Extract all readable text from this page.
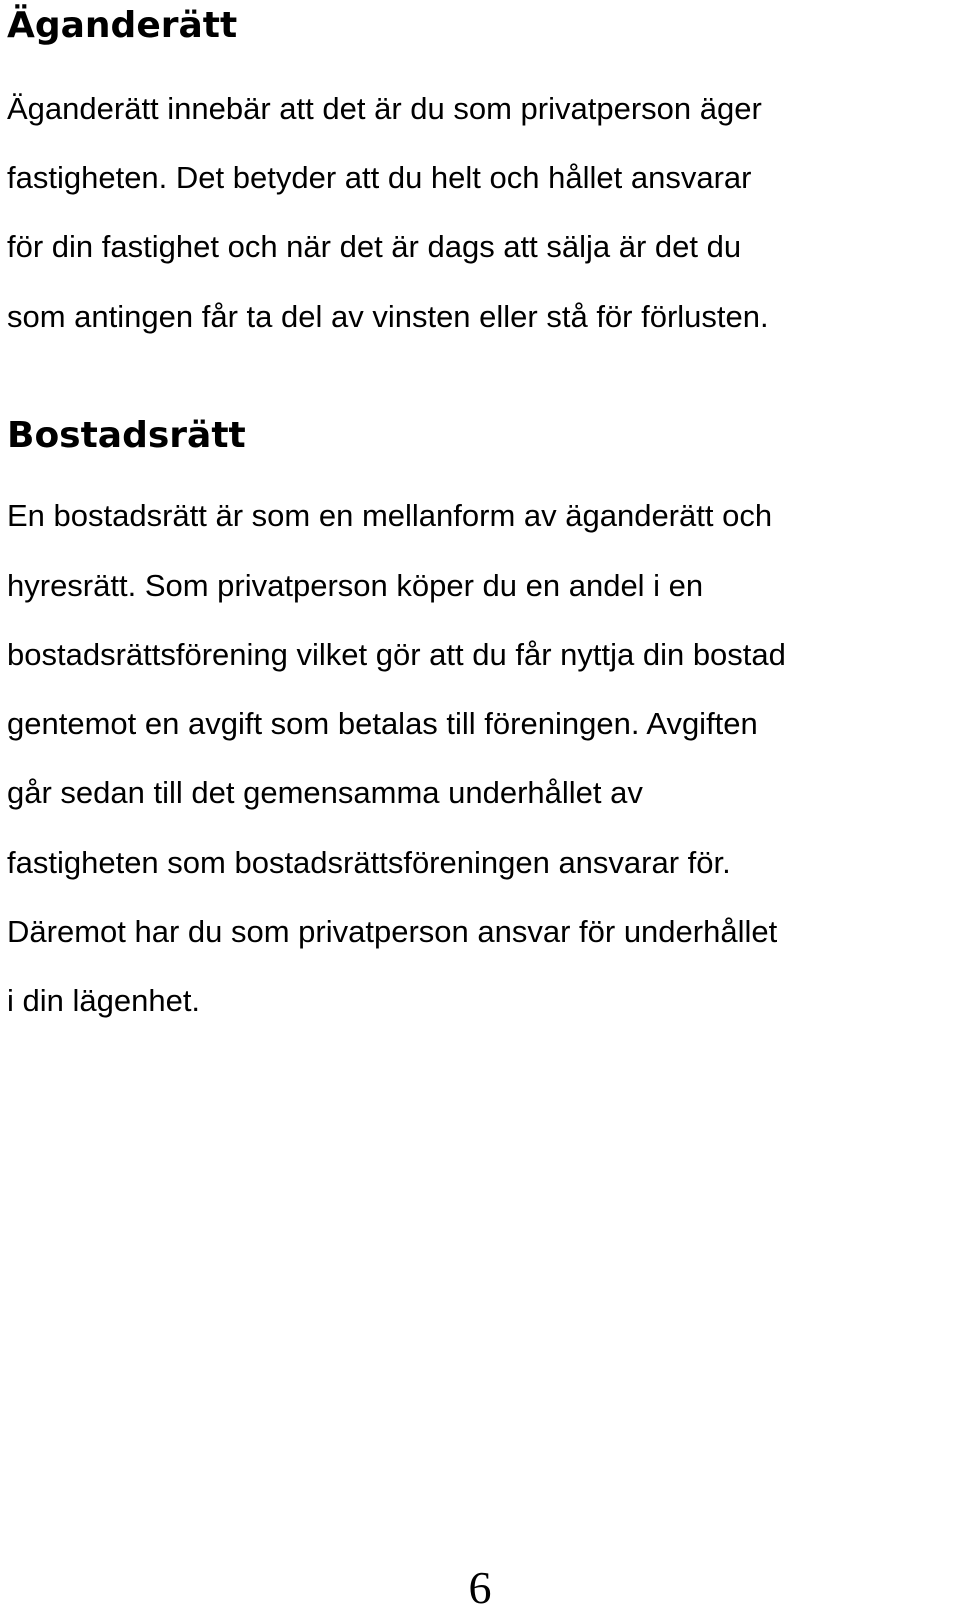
Äganderätt

Äganderätt innebär att det är du som privatperson äger

fastigheten. Det betyder att du helt och hållet ansvarar

för din fastighet och när det är dags att sälja är det du

som antingen får ta del av vinsten eller stå för förlusten.

Bostadsrätt

En bostadsrätt är som en mellanform av äganderätt och

hyresrätt. Som privatperson köper du en andel i en

bostadsrättsförening vilket gör att du får nyttja din bostad

gentemot en avgift som betalas till föreningen. Avgiften

går sedan till det gemensamma underhållet av

fastigheten som bostadsrättsföreningen ansvarar för.

Däremot har du som privatperson ansvar för underhållet

i din lägenhet.

6
